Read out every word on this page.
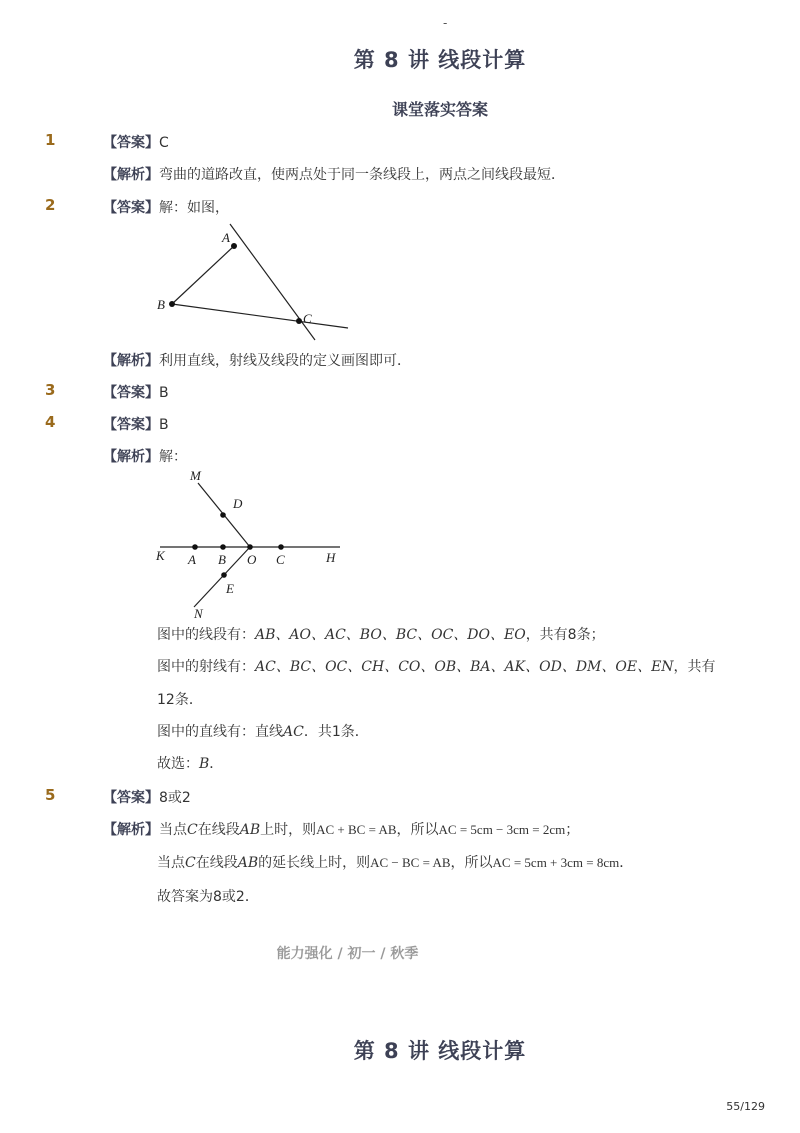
-
第 8 讲 线段计算
课堂落实答案
1	【答案】C
【解析】弯曲的道路改直，使两点处于同一条线段上，两点之间线段最短．
2	【答案】解：如图，
A
B
C
【解析】利用直线，射线及线段的定义画图即可．
3	【答案】B
4	【答案】B
【解析】解：
M
D
K A B O C	H
E
N
图中的线段有：AB、AO、AC、BO、BC、OC、DO、EO，共有8条；
图中的射线有：AC、BC、OC、CH、CO、OB、BA、AK、OD、DM、OE、EN，共有
12条．
图中的直线有：直线AC．共1条．
故选：B．
5	【答案】8或2
【解析】当点C在线段AB上时，则AC + BC = AB，所以AC = 5cm − 3cm = 2cm；
当点C在线段AB的延长线上时，则AC − BC = AB，所以AC = 5cm + 3cm = 8cm．
故答案为8或2．
能力强化 / 初一 / 秋季
第 8 讲 线段计算
55/129
